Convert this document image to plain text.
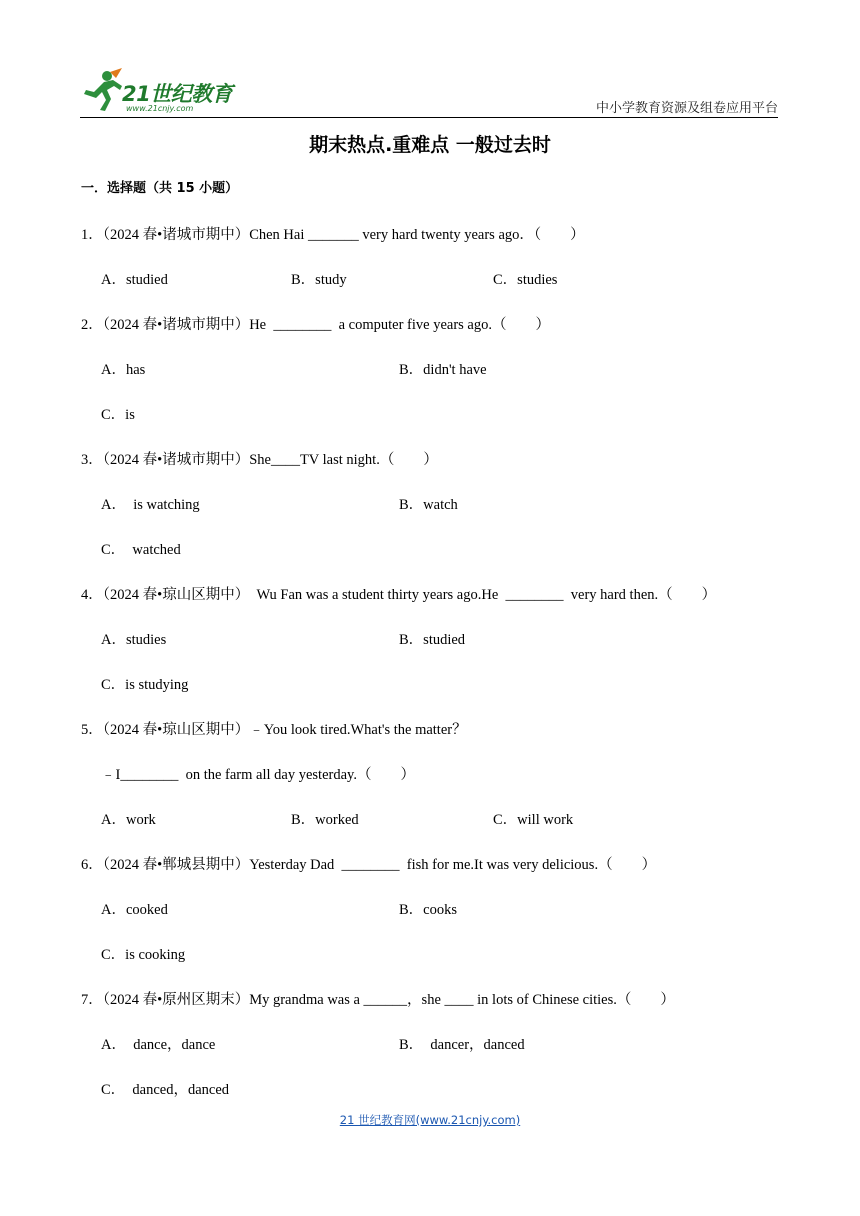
21世纪教育
www.21cnjy.com	中小学教育资源及组卷应用平台
期末热点.重难点 一般过去时
一．选择题（共 15 小题）
1．（2024 春•诸城市期中）Chen Hai _______ very hard twenty years ago．（　　）
A．studied	B．study	C．studies
2．（2024 春•诸城市期中）He  ________  a computer five years ago.（　　）
A．has	B．didn't have
C．is
3．（2024 春•诸城市期中）She____TV last night.（　　）
A．  is watching	B．watch
C．  watched
4．（2024 春•琼山区期中）  Wu Fan was a student thirty years ago.He  ________  very hard then.（　　）
A．studies	B．studied
C．is studying
5．（2024 春•琼山区期中）﹣You look tired.What's the matter？
﹣I________  on the farm all day yesterday.（　　）
A．work	B．worked	C．will work
6．（2024 春•郸城县期中）Yesterday Dad  ________  fish for me.It was very delicious.（　　）
A．cooked	B．cooks
C．is cooking
7．（2024 春•原州区期末）My grandma was a ______，she ____ in lots of Chinese cities.（　　）
A．  dance，dance	B．  dancer，danced
C．  danced，danced
21 世纪教育网(www.21cnjy.com)
